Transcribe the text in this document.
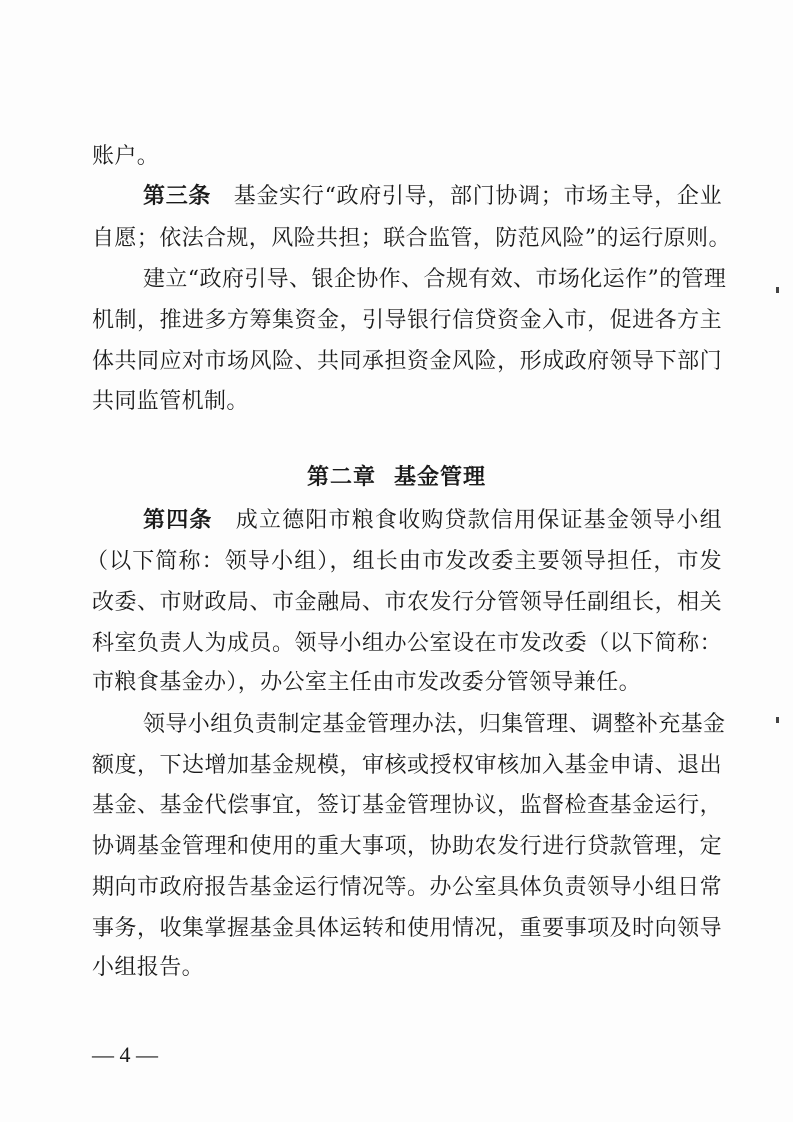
账户。
第三条　基金实行“政府引导，部门协调；市场主导，企业
自愿；依法合规，风险共担；联合监管，防范风险”的运行原则。
建立“政府引导、银企协作、合规有效、市场化运作”的管理
机制，推进多方筹集资金，引导银行信贷资金入市，促进各方主
体共同应对市场风险、共同承担资金风险，形成政府领导下部门
共同监管机制。
第二章 基金管理
第四条　成立德阳市粮食收购贷款信用保证基金领导小组
（以下简称：领导小组），组长由市发改委主要领导担任，市发
改委、市财政局、市金融局、市农发行分管领导任副组长，相关
科室负责人为成员。领导小组办公室设在市发改委（以下简称：
市粮食基金办），办公室主任由市发改委分管领导兼任。
领导小组负责制定基金管理办法，归集管理、调整补充基金
额度，下达增加基金规模，审核或授权审核加入基金申请、退出
基金、基金代偿事宜，签订基金管理协议，监督检查基金运行，
协调基金管理和使用的重大事项，协助农发行进行贷款管理，定
期向市政府报告基金运行情况等。办公室具体负责领导小组日常
事务，收集掌握基金具体运转和使用情况，重要事项及时向领导
小组报告。
— 4 —
